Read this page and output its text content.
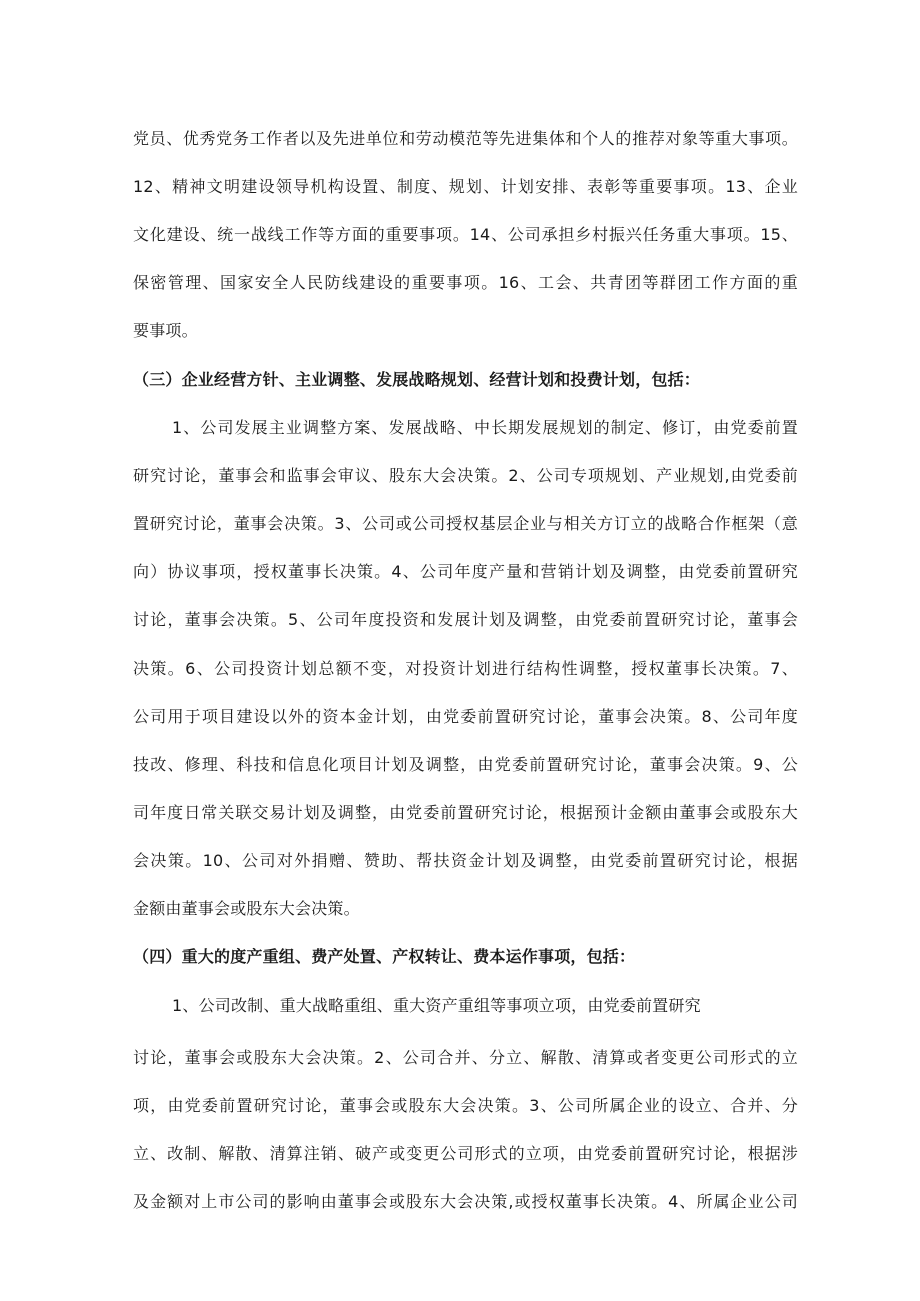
党员、优秀党务工作者以及先进单位和劳动模范等先进集体和个人的推荐对象等重大事项。
12、精神文明建设领导机构设置、制度、规划、计划安排、表彰等重要事项。13、企业
文化建设、统一战线工作等方面的重要事项。14、公司承担乡村振兴任务重大事项。15、
保密管理、国家安全人民防线建设的重要事项。16、工会、共青团等群团工作方面的重
要事项。
（三）企业经营方针、主业调整、发展战略规划、经营计划和投费计划，包括：
1、公司发展主业调整方案、发展战略、中长期发展规划的制定、修订，由党委前置
研究讨论，董事会和监事会审议、股东大会决策。2、公司专项规划、产业规划,由党委前
置研究讨论，董事会决策。3、公司或公司授权基层企业与相关方订立的战略合作框架（意
向）协议事项，授权董事长决策。4、公司年度产量和营销计划及调整，由党委前置研究
讨论，董事会决策。5、公司年度投资和发展计划及调整，由党委前置研究讨论，董事会
决策。6、公司投资计划总额不变，对投资计划进行结构性调整，授权董事长决策。7、
公司用于项目建设以外的资本金计划，由党委前置研究讨论，董事会决策。8、公司年度
技改、修理、科技和信息化项目计划及调整，由党委前置研究讨论，董事会决策。9、公
司年度日常关联交易计划及调整，由党委前置研究讨论，根据预计金额由董事会或股东大
会决策。10、公司对外捐赠、赞助、帮扶资金计划及调整，由党委前置研究讨论，根据
金额由董事会或股东大会决策。
（四）重大的度产重组、费产处置、产权转让、费本运作事项，包括：
1、公司改制、重大战略重组、重大资产重组等事项立项，由党委前置研究
讨论，董事会或股东大会决策。2、公司合并、分立、解散、清算或者变更公司形式的立
项，由党委前置研究讨论，董事会或股东大会决策。3、公司所属企业的设立、合并、分
立、改制、解散、清算注销、破产或变更公司形式的立项，由党委前置研究讨论，根据涉
及金额对上市公司的影响由董事会或股东大会决策,或授权董事长决策。4、所属企业公司
